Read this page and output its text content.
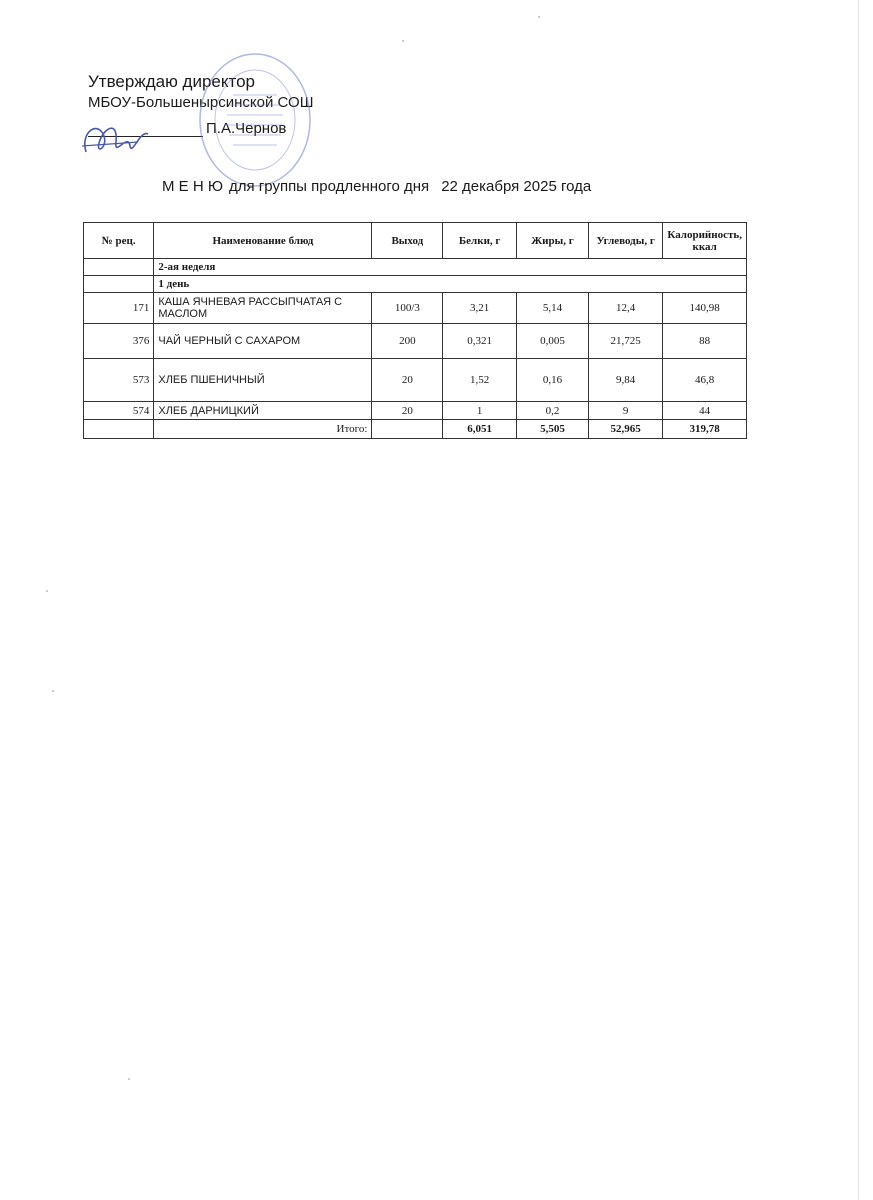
Утверждаю директор
МБОУ-Большенырсинской СОШ
П.А.Чернов
М Е Н Ю для группы продленного дня 22 декабря 2025 года
№ рец.	Наименование блюд	Выход	Белки, г	Жиры, г	Углеводы, г	Калорийность, ккал
	2-ая неделя					
	1 день					
171	КАША ЯЧНЕВАЯ РАССЫПЧАТАЯ С МАСЛОМ	100/3	3,21	5,14	12,4	140,98
376	ЧАЙ ЧЕРНЫЙ С САХАРОМ	200	0,321	0,005	21,725	88
573	ХЛЕБ ПШЕНИЧНЫЙ	20	1,52	0,16	9,84	46,8
574	ХЛЕБ ДАРНИЦКИЙ	20	1	0,2	9	44
	Итого:		6,051	5,505	52,965	319,78
